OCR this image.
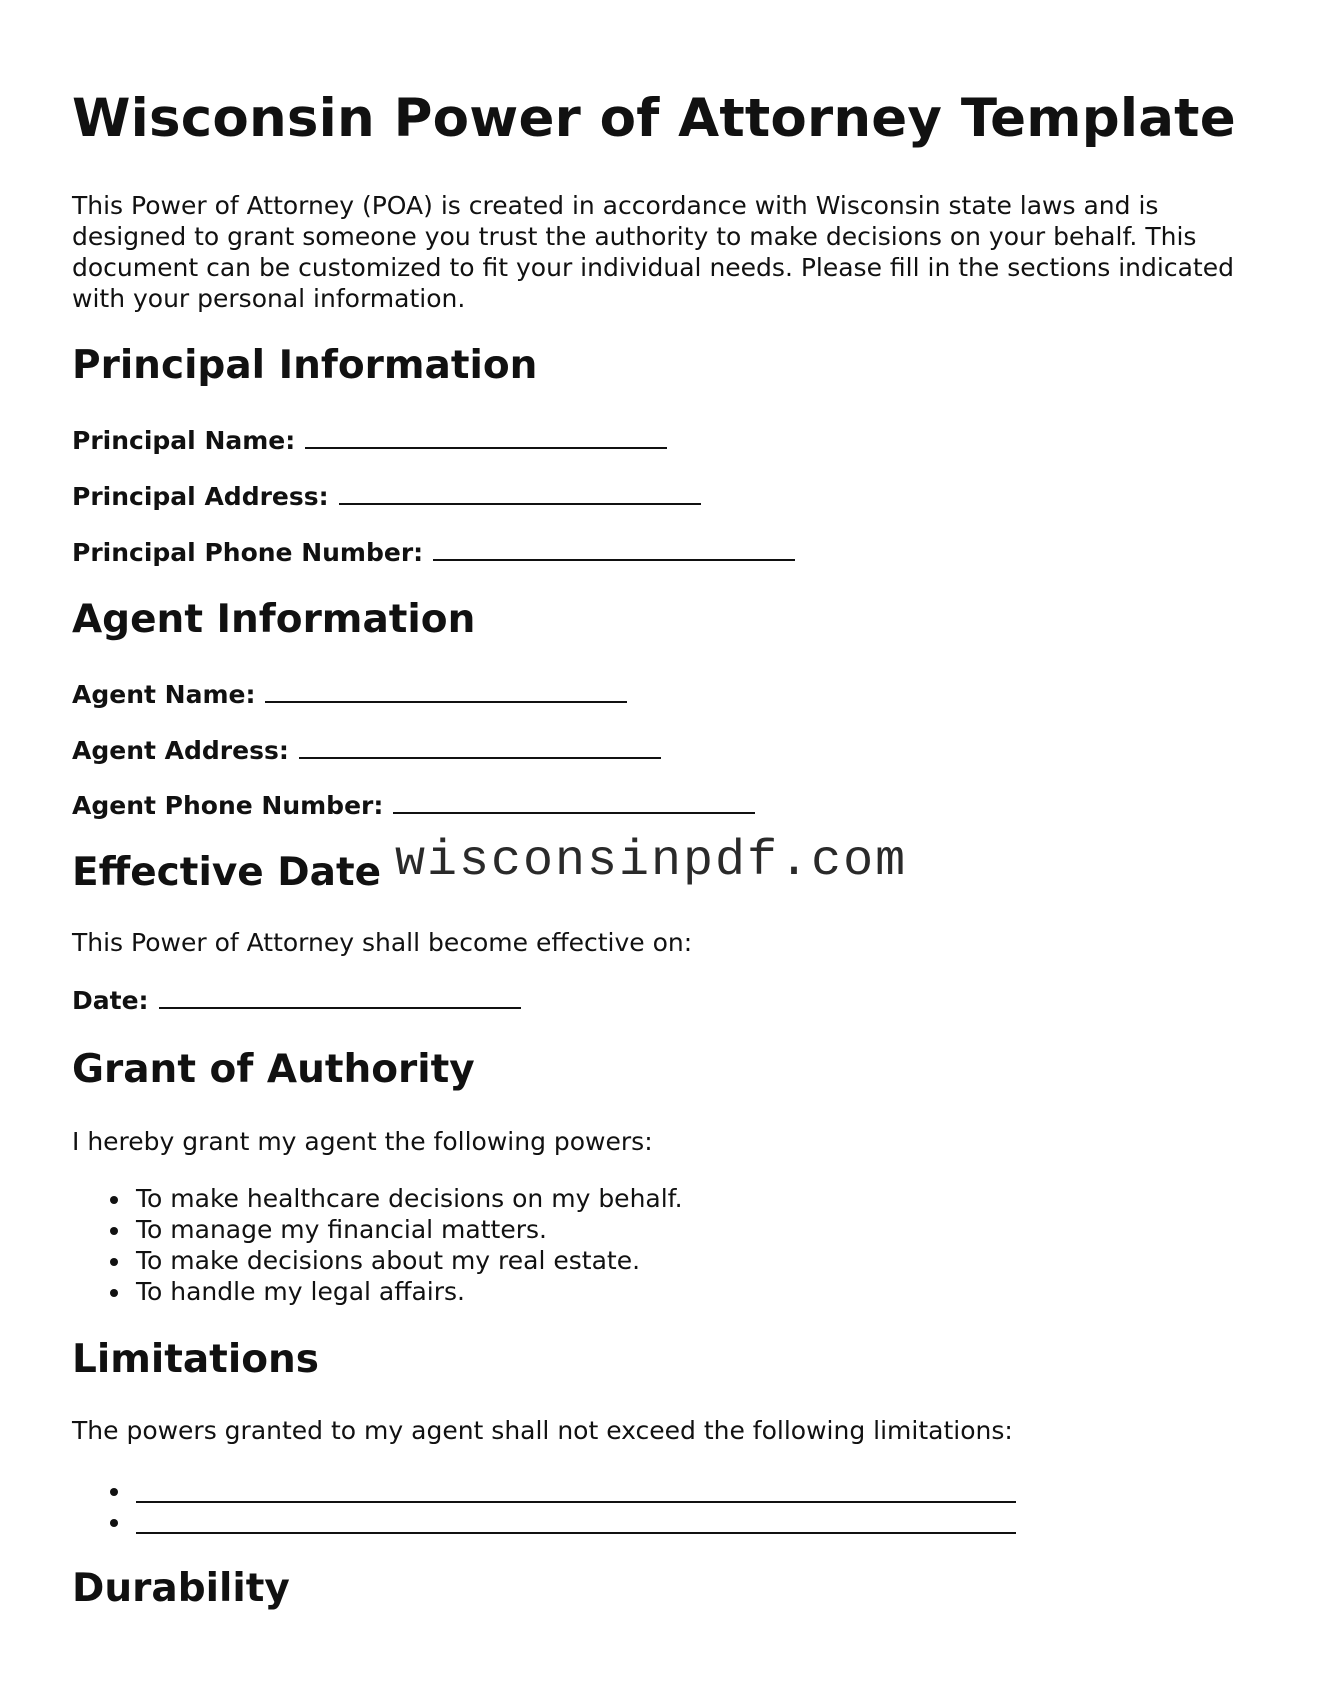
Wisconsin Power of Attorney Template

This Power of Attorney (POA) is created in accordance with Wisconsin state laws and is designed to grant someone you trust the authority to make decisions on your behalf. This document can be customized to fit your individual needs. Please fill in the sections indicated with your personal information.

Principal Information
Principal Name:
Principal Address:
Principal Phone Number:
Agent Information
Agent Name:
Agent Address:
Agent Phone Number:
Effective Date

This Power of Attorney shall become effective on:

Date:
Grant of Authority

I hereby grant my agent the following powers:

To make healthcare decisions on my behalf.
To manage my financial matters.
To make decisions about my real estate.
To handle my legal affairs.
Limitations

The powers granted to my agent shall not exceed the following limitations:

Durability
wisconsinpdf.com
